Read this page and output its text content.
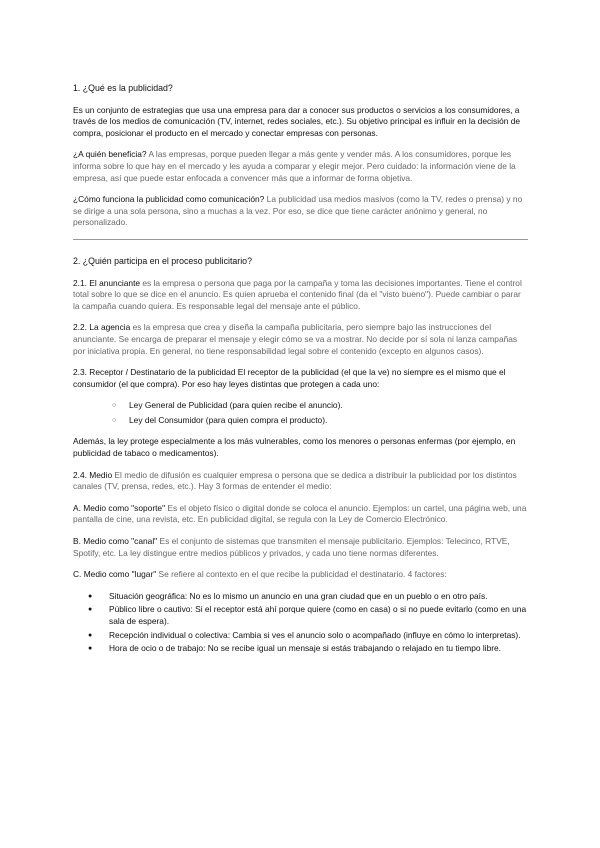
1. ¿Qué es la publicidad?
Es un conjunto de estrategias que usa una empresa para dar a conocer sus productos o servicios a los consumidores, a través de los medios de comunicación (TV, internet, redes sociales, etc.). Su objetivo principal es influir en la decisión de compra, posicionar el producto en el mercado y conectar empresas con personas.
¿A quién beneficia? A las empresas, porque pueden llegar a más gente y vender más. A los consumidores, porque les informa sobre lo que hay en el mercado y les ayuda a comparar y elegir mejor. Pero cuidado: la información viene de la empresa, así que puede estar enfocada a convencer más que a informar de forma objetiva.
¿Cómo funciona la publicidad como comunicación? La publicidad usa medios masivos (como la TV, redes o prensa) y no se dirige a una sola persona, sino a muchas a la vez. Por eso, se dice que tiene carácter anónimo y general, no personalizado.
2. ¿Quién participa en el proceso publicitario?
2.1. El anunciante es la empresa o persona que paga por la campaña y toma las decisiones importantes. Tiene el control total sobre lo que se dice en el anuncio. Es quien aprueba el contenido final (da el "visto bueno"). Puede cambiar o parar la campaña cuando quiera. Es responsable legal del mensaje ante el público.
2.2. La agencia es la empresa que crea y diseña la campaña publicitaria, pero siempre bajo las instrucciones del anunciante. Se encarga de preparar el mensaje y elegir cómo se va a mostrar. No decide por sí sola ni lanza campañas por iniciativa propia. En general, no tiene responsabilidad legal sobre el contenido (excepto en algunos casos).
2.3. Receptor / Destinatario de la publicidad El receptor de la publicidad (el que la ve) no siempre es el mismo que el consumidor (el que compra). Por eso hay leyes distintas que protegen a cada uno:
○ Ley General de Publicidad (para quien recibe el anuncio).
○ Ley del Consumidor (para quien compra el producto).
Además, la ley protege especialmente a los más vulnerables, como los menores o personas enfermas (por ejemplo, en publicidad de tabaco o medicamentos).
2.4. Medio El medio de difusión es cualquier empresa o persona que se dedica a distribuir la publicidad por los distintos canales (TV, prensa, redes, etc.). Hay 3 formas de entender el medio:
A. Medio como "soporte" Es el objeto físico o digital donde se coloca el anuncio. Ejemplos: un cartel, una página web, una pantalla de cine, una revista, etc. En publicidad digital, se regula con la Ley de Comercio Electrónico.
B. Medio como "canal" Es el conjunto de sistemas que transmiten el mensaje publicitario. Ejemplos: Telecinco, RTVE, Spotify, etc. La ley distingue entre medios públicos y privados, y cada uno tiene normas diferentes.
C. Medio como "lugar" Se refiere al contexto en el que recibe la publicidad el destinatario. 4 factores:
● Situación geográfica: No es lo mismo un anuncio en una gran ciudad que en un pueblo o en otro país.
● Público libre o cautivo: Si el receptor está ahí porque quiere (como en casa) o si no puede evitarlo (como en una sala de espera).
● Recepción individual o colectiva: Cambia si ves el anuncio solo o acompañado (influye en cómo lo interpretas).
● Hora de ocio o de trabajo: No se recibe igual un mensaje si estás trabajando o relajado en tu tiempo libre.
